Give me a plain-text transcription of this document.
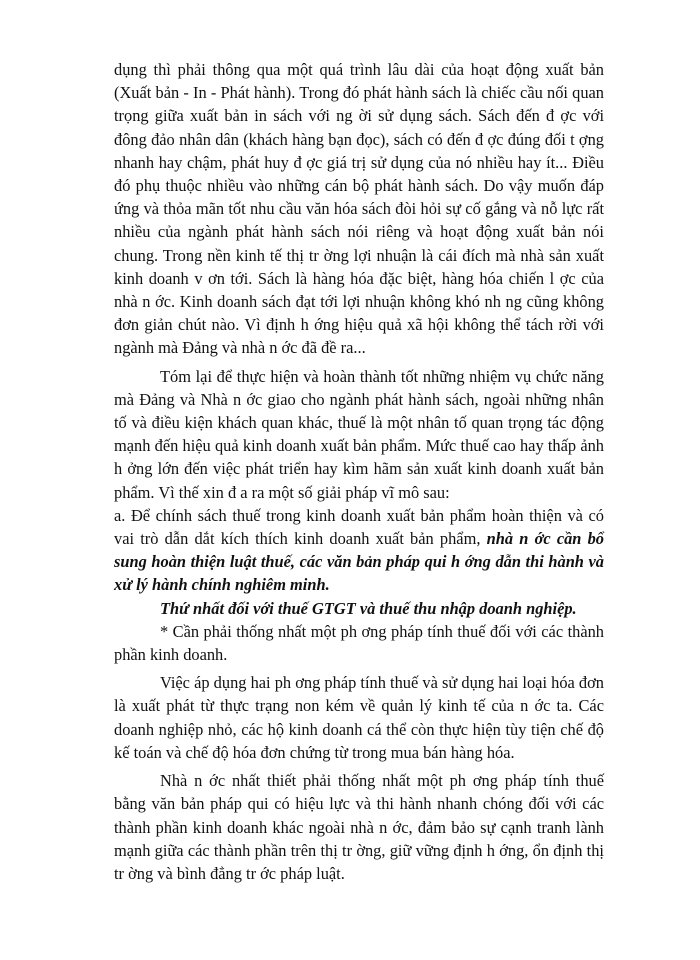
dụng thì phải thông qua một quá trình lâu dài của hoạt động xuất bản (Xuất bản - In - Phát hành). Trong đó phát hành sách là chiếc cầu nối quan trọng giữa xuất bản in sách với ng ời sử dụng sách. Sách đến đ ợc với đông đảo nhân dân (khách hàng bạn đọc), sách có đến đ ợc đúng đối t ợng nhanh hay chậm, phát huy đ ợc giá trị sử dụng của nó nhiều hay ít... Điều đó phụ thuộc nhiều vào những cán bộ phát hành sách. Do vậy muốn đáp ứng và thỏa mãn tốt nhu cầu văn hóa sách đòi hỏi sự cố gắng và nỗ lực rất nhiều của ngành phát hành sách nói riêng và hoạt động xuất bản nói chung. Trong nền kinh tế thị tr ờng lợi nhuận là cái đích mà nhà sản xuất kinh doanh v ơn tới. Sách là hàng hóa đặc biệt, hàng hóa chiến l ợc của nhà n ớc. Kinh doanh sách đạt tới lợi nhuận không khó nh ng cũng không đơn giản chút nào. Vì định h ớng hiệu quả xã hội không thể tách rời với ngành mà Đảng và nhà n ớc đã đề ra...

Tóm lại để thực hiện và hoàn thành tốt những nhiệm vụ chức năng mà Đảng và Nhà n ớc giao cho ngành phát hành sách, ngoài những nhân tố và điều kiện khách quan khác, thuế là một nhân tố quan trọng tác động mạnh đến hiệu quả kinh doanh xuất bản phẩm. Mức thuế cao hay thấp ảnh h ởng lớn đến việc phát triển hay kìm hãm sản xuất kinh doanh xuất bản phẩm. Vì thế xin đ a ra một số giải pháp vĩ mô sau:

a. Để chính sách thuế trong kinh doanh xuất bản phẩm hoàn thiện và có vai trò dẫn dắt kích thích kinh doanh xuất bản phẩm, nhà n ớc cần bổ sung hoàn thiện luật thuế, các văn bản pháp qui h ớng dẫn thi hành và xử lý hành chính nghiêm minh.

Thứ nhất đối với thuế GTGT và thuế thu nhập doanh nghiệp.

* Cần phải thống nhất một ph ơng pháp tính thuế đối với các thành phần kinh doanh.

Việc áp dụng hai ph ơng pháp tính thuế và sử dụng hai loại hóa đơn là xuất phát từ thực trạng non kém về quản lý kinh tế của n ớc ta. Các doanh nghiệp nhỏ, các hộ kinh doanh cá thể còn thực hiện tùy tiện chế độ kế toán và chế độ hóa đơn chứng từ trong mua bán hàng hóa.

Nhà n ớc nhất thiết phải thống nhất một ph ơng pháp tính thuế bằng văn bản pháp qui có hiệu lực và thi hành nhanh chóng đối với các thành phần kinh doanh khác ngoài nhà n ớc, đảm bảo sự cạnh tranh lành mạnh giữa các thành phần trên thị tr ờng, giữ vững định h ớng, ổn định thị tr ờng và bình đẳng tr ớc pháp luật.
